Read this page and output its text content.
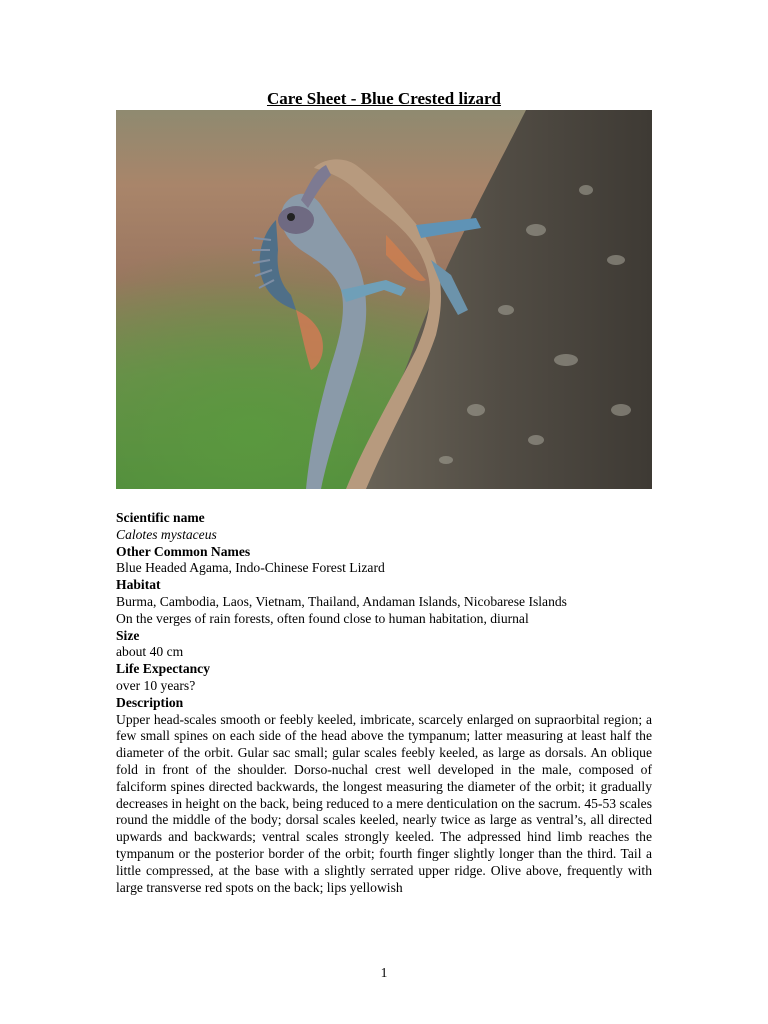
Care Sheet - Blue Crested lizard
Scientific name
Calotes mystaceus
Other Common Names
Blue Headed Agama, Indo-Chinese Forest Lizard
Habitat
Burma, Cambodia, Laos, Vietnam, Thailand, Andaman Islands, Nicobarese Islands
On the verges of rain forests, often found close to human habitation, diurnal
Size
about 40 cm
Life Expectancy
over 10 years?
Description
Upper head-scales smooth or feebly keeled, imbricate, scarcely enlarged on supraorbital region; a few small spines on each side of the head above the tympanum; latter measuring at least half the diameter of the orbit. Gular sac small; gular scales feebly keeled, as large as dorsals. An oblique fold in front of the shoulder. Dorso-nuchal crest well developed in the male, composed of falciform spines directed backwards, the longest measuring the diameter of the orbit; it gradually decreases in height on the back, being reduced to a mere denticulation on the sacrum. 45-53 scales round the middle of the body; dorsal scales keeled, nearly twice as large as ventral’s, all directed upwards and backwards; ventral scales strongly keeled. The adpressed hind limb reaches the tympanum or the posterior border of the orbit; fourth finger slightly longer than the third. Tail a little compressed, at the base with a slightly serrated upper ridge. Olive above, frequently with large transverse red spots on the back; lips yellowish
1
